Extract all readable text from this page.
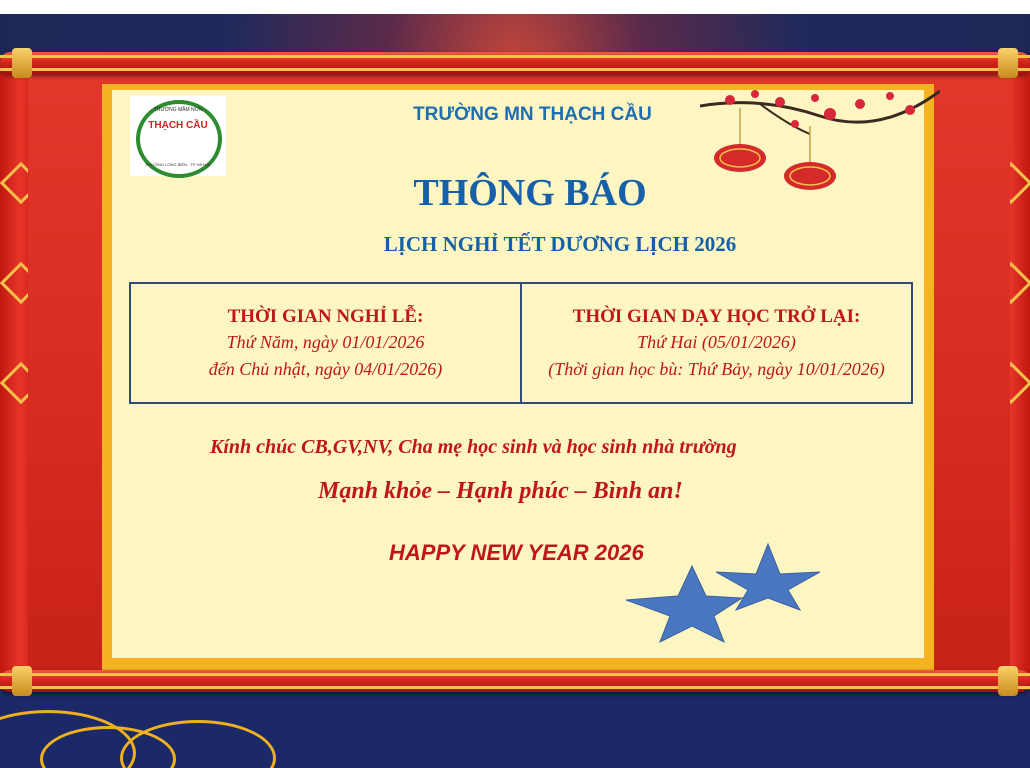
TRƯỜNG MẦM NON
THẠCH CẦU
PHƯỜNG LONG BIÊN - TP HÀ NỘI
TRƯỜNG MN THẠCH CẦU
THÔNG BÁO
LỊCH NGHỈ TẾT DƯƠNG LỊCH 2026
THỜI GIAN NGHỈ LỄ:
Thứ Năm, ngày 01/01/2026
đến Chủ nhật, ngày 04/01/2026)
THỜI GIAN DẠY HỌC TRỞ LẠI:
Thứ Hai (05/01/2026)
(Thời gian học bù: Thứ Bảy, ngày 10/01/2026)
Kính chúc CB,GV,NV, Cha mẹ học sinh và học sinh nhà trường
Mạnh khỏe – Hạnh phúc – Bình an!
HAPPY NEW YEAR 2026
